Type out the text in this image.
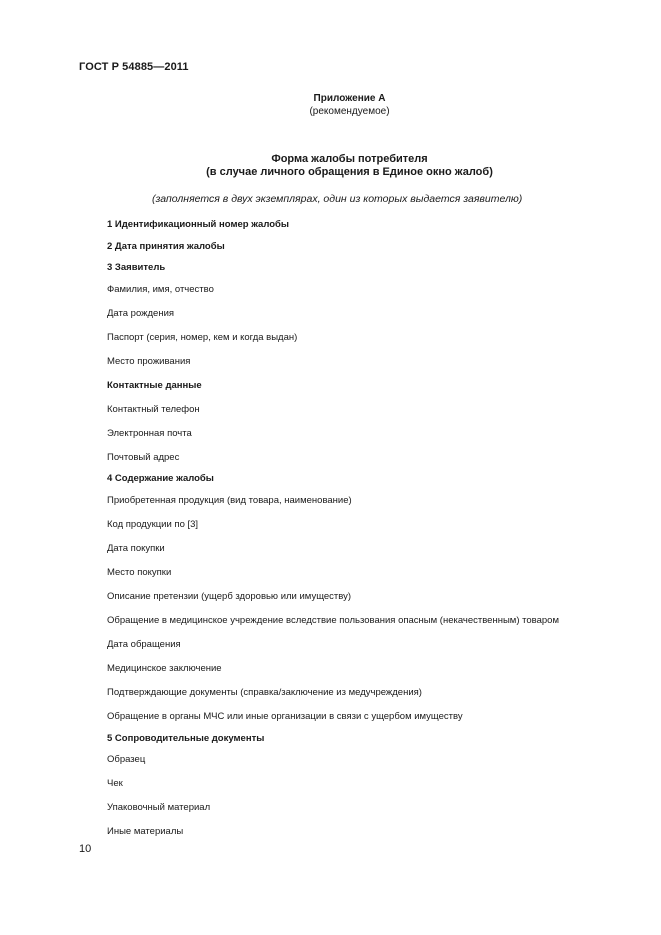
ГОСТ Р 54885—2011
Приложение А
(рекомендуемое)
Форма жалобы потребителя
(в случае личного обращения в Единое окно жалоб)
(заполняется в двух экземплярах, один из которых выдается заявителю)
1 Идентификационный номер жалобы
2 Дата принятия жалобы
3 Заявитель
Фамилия, имя, отчество
Дата рождения
Паспорт (серия, номер, кем и когда выдан)
Место проживания
Контактные данные
Контактный телефон
Электронная почта
Почтовый адрес
4 Содержание жалобы
Приобретенная продукция (вид товара, наименование)
Код продукции по [3]
Дата покупки
Место покупки
Описание претензии (ущерб здоровью или имуществу)
Обращение в медицинское учреждение вследствие пользования опасным (некачественным) товаром
Дата обращения
Медицинское заключение
Подтверждающие документы (справка/заключение из медучреждения)
Обращение в органы МЧС или иные организации в связи с ущербом имуществу
5 Сопроводительные документы
Образец
Чек
Упаковочный материал
Иные материалы
10
